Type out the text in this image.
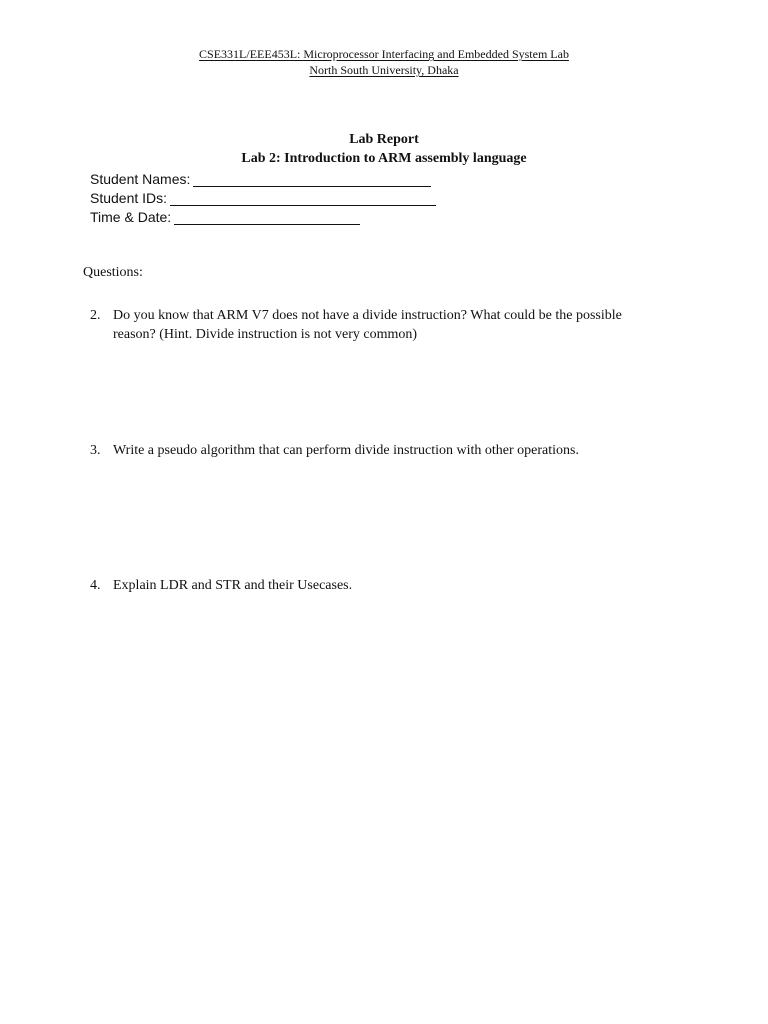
CSE331L/EEE453L: Microprocessor Interfacing and Embedded System Lab
North South University, Dhaka
Lab Report
Lab 2: Introduction to ARM assembly language
Student Names:
Student IDs:
Time & Date:
Questions:
2. Do you know that ARM V7 does not have a divide instruction? What could be the possible reason? (Hint. Divide instruction is not very common)
3. Write a pseudo algorithm that can perform divide instruction with other operations.
4. Explain LDR and STR and their Usecases.
